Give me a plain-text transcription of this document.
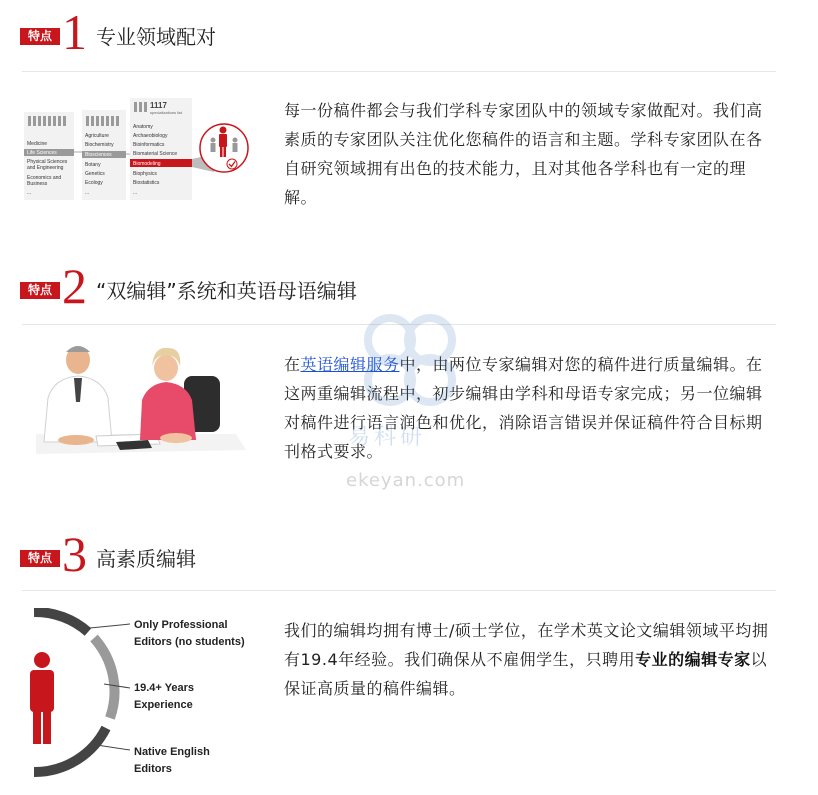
特点 1 专业领域配对
Medicine
Life Sciences
Physical Sciences
and Engineering
Economics and
Business
...
Agriculture
Biochemistry
Biosciences
Botany
Genetics
Ecology
...
1117
specializations list
Anatomy
Archaeobiology
Bioinformatics
Biomaterial Science
Biomodeling
Biophysics
Biostatistics
...
每一份稿件都会与我们学科专家团队中的领域专家做配对。我们高素质的专家团队关注优化您稿件的语言和主题。学科专家团队在各自研究领域拥有出色的技术能力，且对其他各学科也有一定的理解。
特点 2 “双编辑”系统和英语母语编辑
在英语编辑服务中，由两位专家编辑对您的稿件进行质量编辑。在这两重编辑流程中，初步编辑由学科和母语专家完成；另一位编辑对稿件进行语言润色和优化，消除语言错误并保证稿件符合目标期刊格式要求。
易科研
ekeyan.com
特点 3 高素质编辑
Only Professional
Editors (no students)
19.4+ Years
Experience
Native English
Editors
我们的编辑均拥有博士/硕士学位，在学术英文论文编辑领域平均拥有19.4年经验。我们确保从不雇佣学生，只聘用专业的编辑专家以保证高质量的稿件编辑。
